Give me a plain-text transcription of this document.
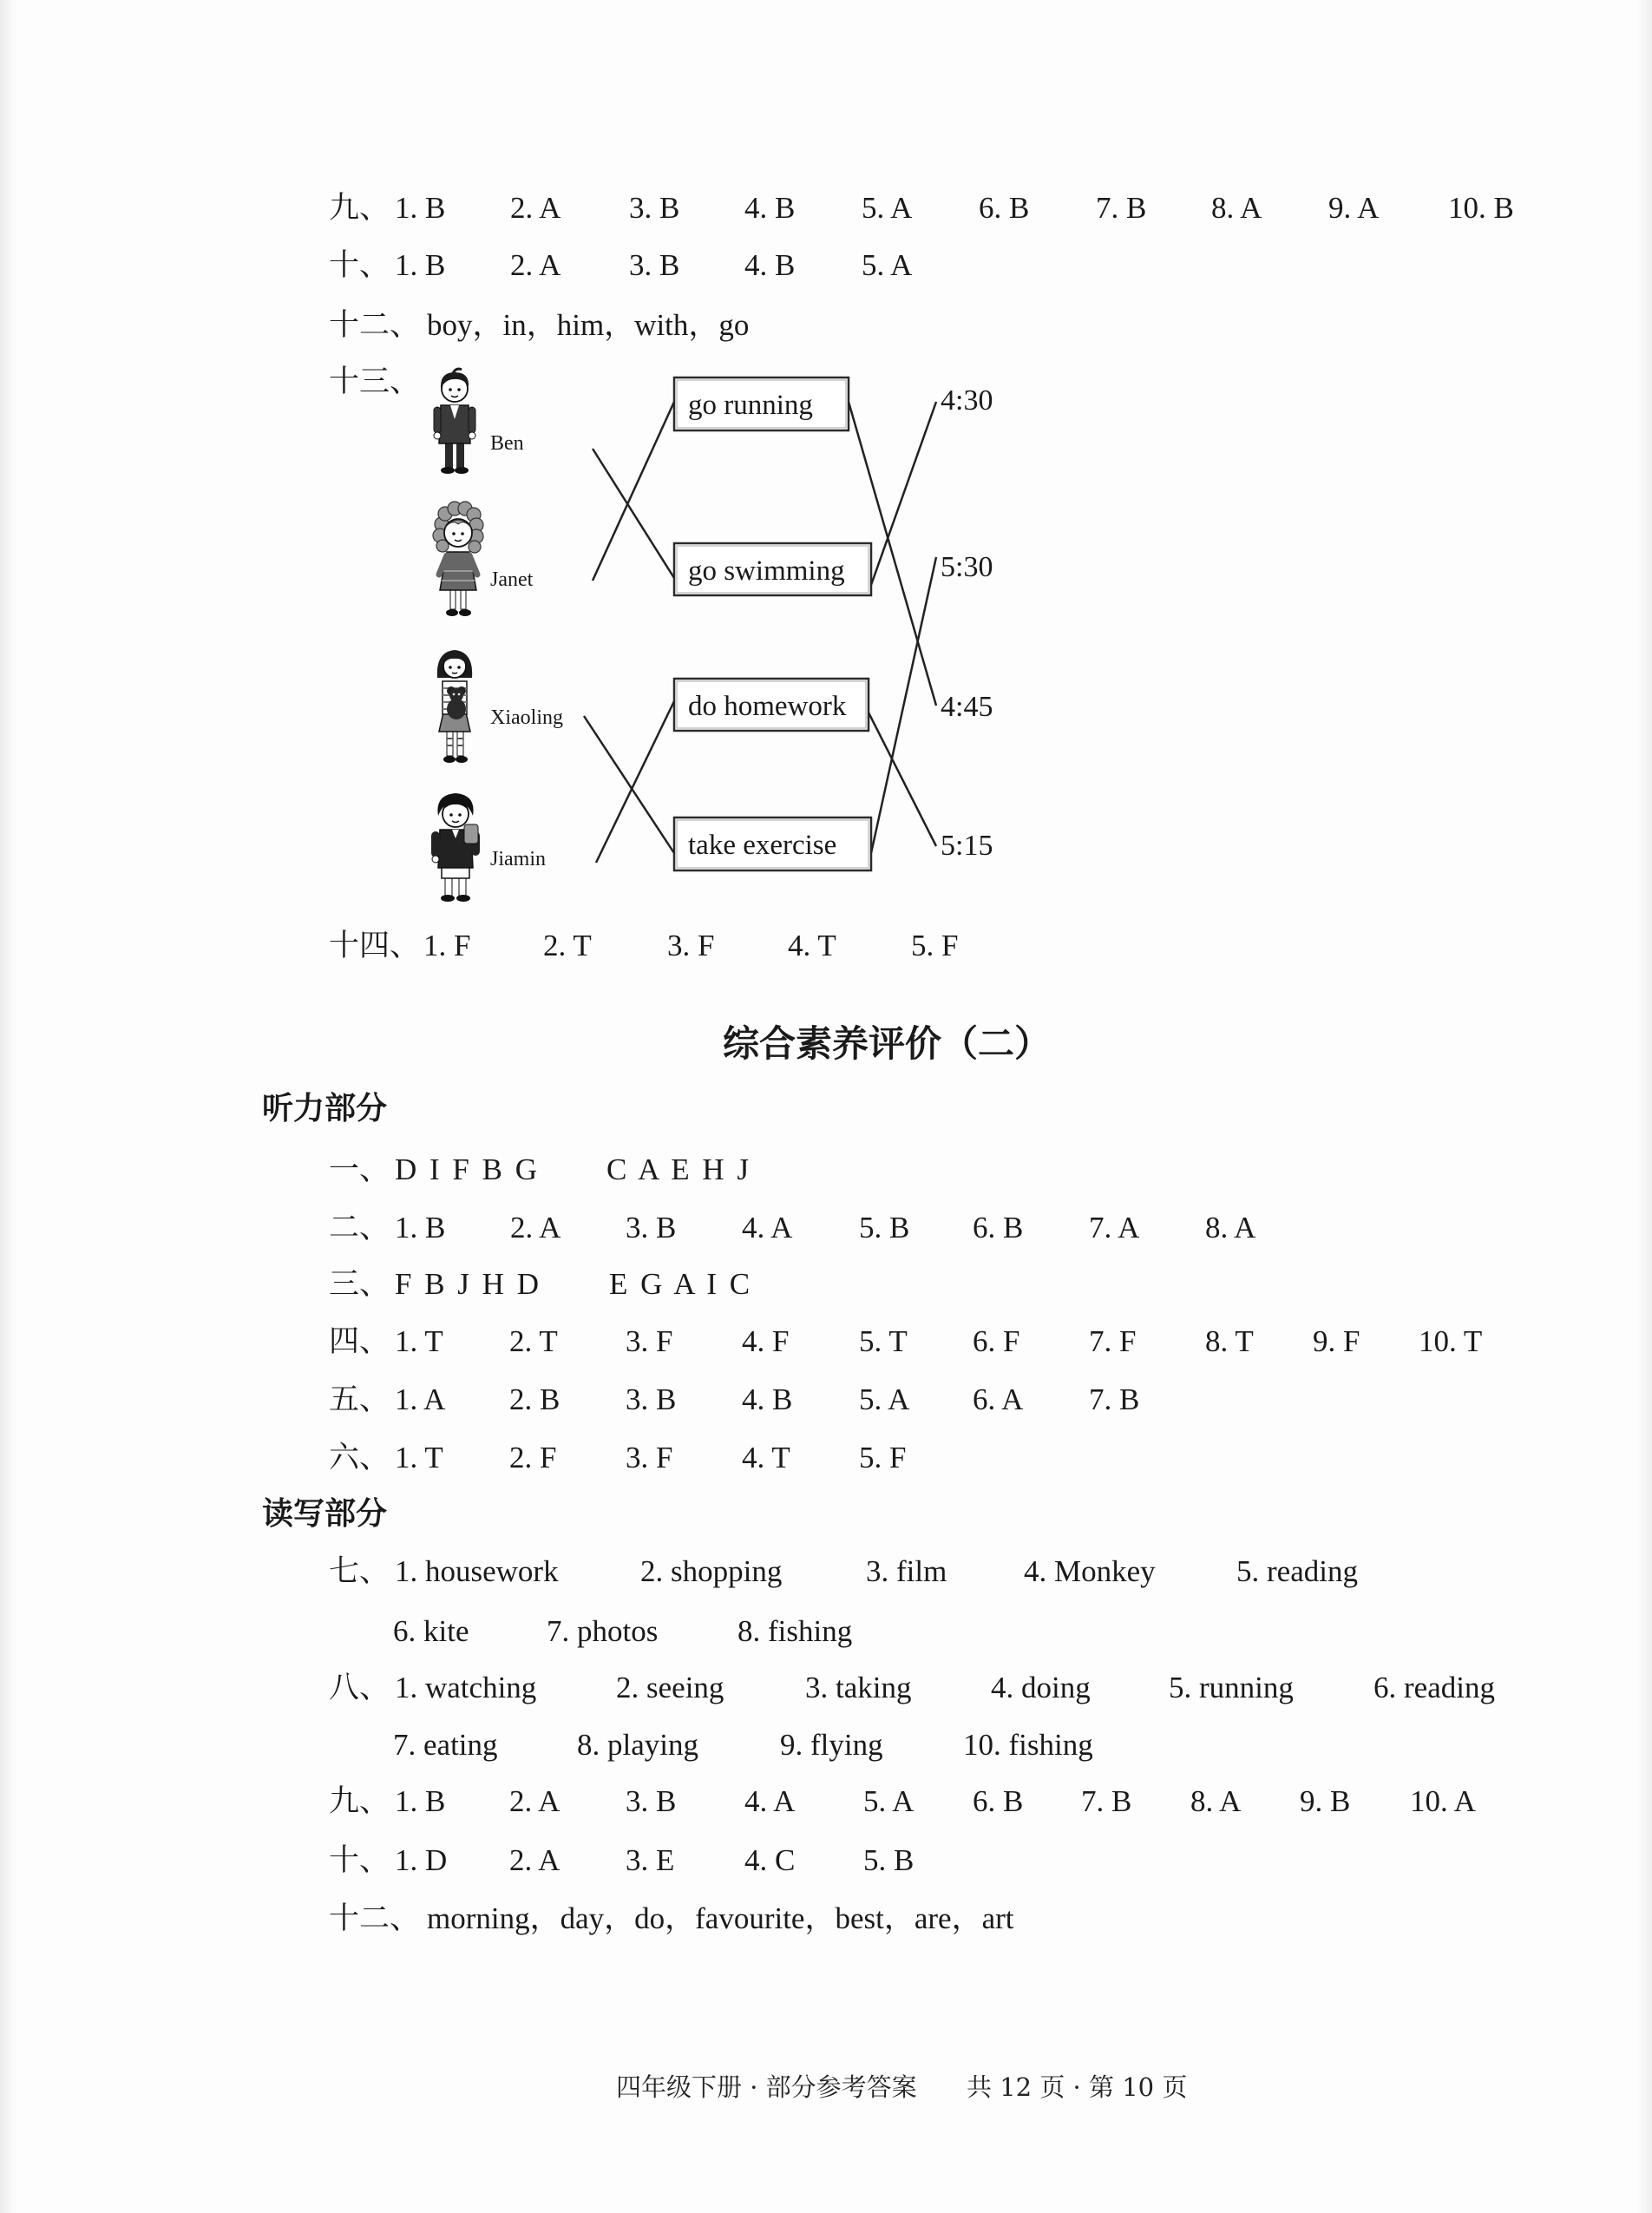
九、 1. B 2. A 3. B 4. B 5. A 6. B 7. B 8. A 9. A 10. B
十、 1. B 2. A 3. B 4. B 5. A
十二、 boy，in，him，with，go
十三、
Ben
Janet
Xiaoling
Jiamin
go running
go swimming
do homework
take exercise
4:30
5:30
4:45
5:15
十四、 1. F 2. T 3. F 4. T 5. F
综合素养评价（二）
听力部分
一、 D I F B G C A E H J
二、 1. B 2. A 3. B 4. A 5. B 6. B 7. A 8. A
三、 F B J H D E G A I C
四、 1. T 2. T 3. F 4. F 5. T 6. F 7. F 8. T 9. F 10. T
五、 1. A 2. B 3. B 4. B 5. A 6. A 7. B
六、 1. T 2. F 3. F 4. T 5. F
读写部分
七、 1. housework	2. shopping	3. film	4. Monkey	5. reading
6. kite	7. photos	8. fishing
八、 1. watching	2. seeing	3. taking	4. doing	5. running	6. reading
7. eating	8. playing	9. flying	10. fishing
九、 1. B 2. A 3. B 4. A 5. A 6. B 7. B 8. A 9. B 10. A
十、 1. D 2. A 3. E 4. C 5. B
十二、 morning，day，do，favourite，best，are，art
四年级下册 · 部分参考答案 共 12 页 · 第 10 页
